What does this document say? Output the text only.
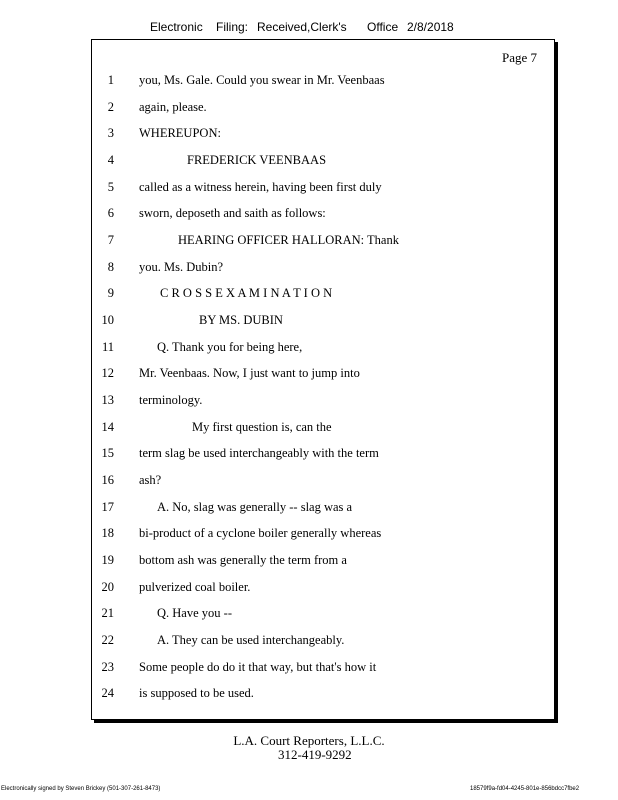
Electronic Filing: Received,Clerk's Office 2/8/2018
Page 7
1 you, Ms. Gale. Could you swear in Mr. Veenbaas
2 again, please.
3 WHEREUPON:
4	FREDERICK VEENBAAS
5 called as a witness herein, having been first duly
6 sworn, deposeth and saith as follows:
7	HEARING OFFICER HALLORAN: Thank
8 you. Ms. Dubin?
9	C R O S S E X A M I N A T I O N
10	BY MS. DUBIN
11	Q. Thank you for being here,
12 Mr. Veenbaas. Now, I just want to jump into
13 terminology.
14	My first question is, can the
15 term slag be used interchangeably with the term
16 ash?
17	A. No, slag was generally -- slag was a
18 bi-product of a cyclone boiler generally whereas
19 bottom ash was generally the term from a
20 pulverized coal boiler.
21	Q. Have you --
22	A. They can be used interchangeably.
23 Some people do do it that way, but that's how it
24 is supposed to be used.
L.A. Court Reporters, L.L.C.
312-419-9292
Electronically signed by Steven Brickey (501-307-261-8473)	18579f9a-fd04-4245-801e-856bdcc7fbe2
